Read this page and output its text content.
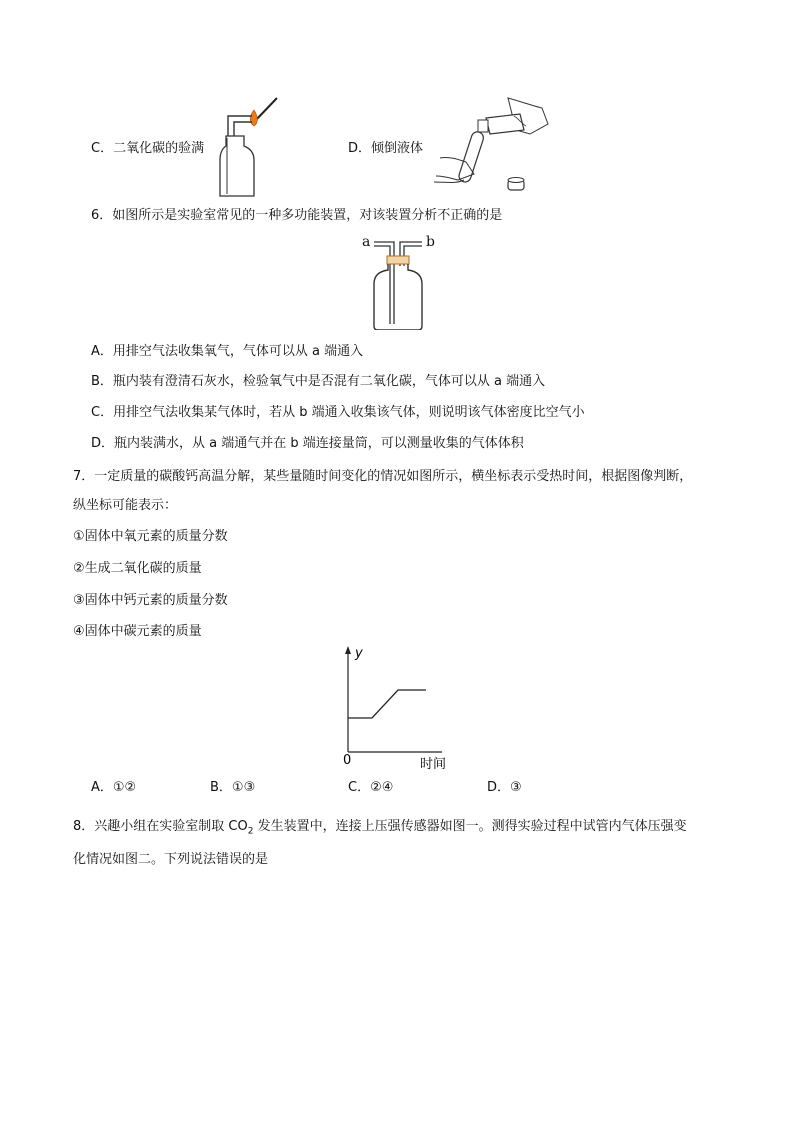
C．二氧化碳的验满	D．倾倒液体
6．如图所示是实验室常见的一种多功能装置，对该装置分析不正确的是
a	b
A．用排空气法收集氧气，气体可以从 a 端通入
B．瓶内装有澄清石灰水，检验氧气中是否混有二氧化碳，气体可以从 a 端通入
C．用排空气法收集某气体时，若从 b 端通入收集该气体，则说明该气体密度比空气小
D．瓶内装满水，从 a 端通气并在 b 端连接量筒，可以测量收集的气体体积
7．一定质量的碳酸钙高温分解，某些量随时间变化的情况如图所示，横坐标表示受热时间，根据图像判断，
纵坐标可能表示：
①固体中氧元素的质量分数
②生成二氧化碳的质量
③固体中钙元素的质量分数
④固体中碳元素的质量
y
0	时间
A．①②	B．①③	C．②④	D．③
8．兴趣小组在实验室制取 $CO_2$ 发生装置中，连接上压强传感器如图一。测得实验过程中试管内气体压强变
化情况如图二。下列说法错误的是
